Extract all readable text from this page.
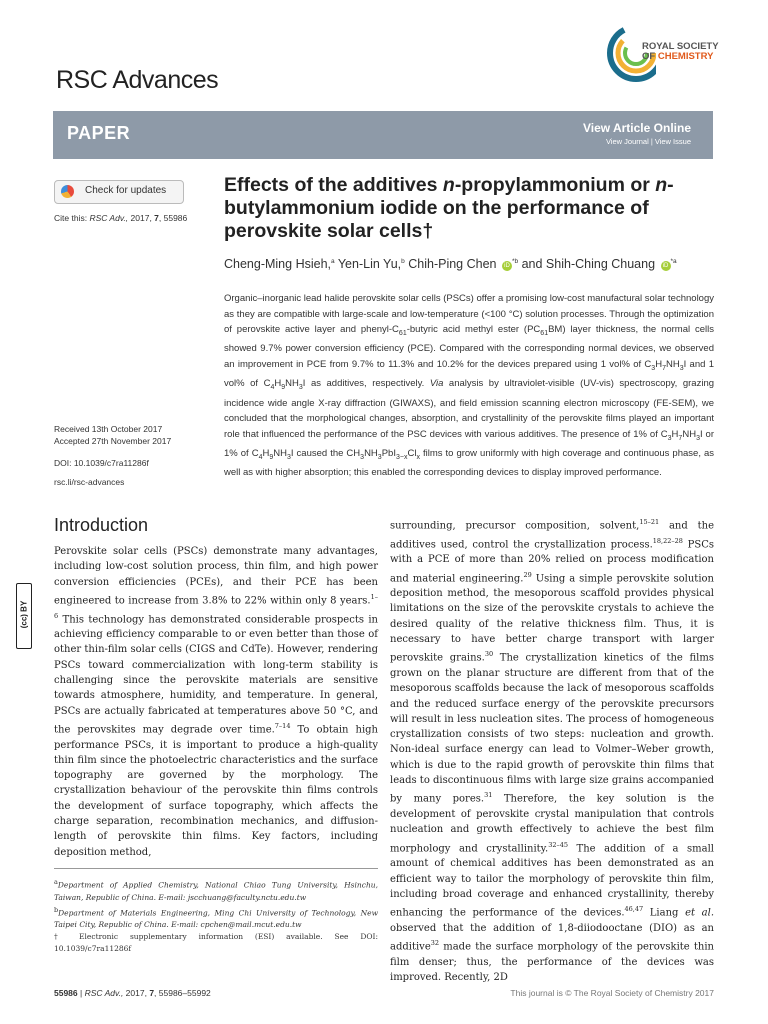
RSC Advances
ROYAL SOCIETY
OF CHEMISTRY
PAPER	View Article Online
View Journal | View Issue
Check for updates
Cite this: RSC Adv., 2017, 7, 55986
Received 13th October 2017
Accepted 27th November 2017
DOI: 10.1039/c7ra11286f
rsc.li/rsc-advances
Effects of the additives n-propylammonium or n-butylammonium iodide on the performance of perovskite solar cells†
Cheng-Ming Hsieh,$^a$ Yen-Lin Yu,$^b$ Chih-Ping Chen $iD^{*b}$ and Shih-Ching Chuang $iD^{*a}$
Organic–inorganic lead halide perovskite solar cells (PSCs) offer a promising low-cost manufactural solar technology as they are compatible with large-scale and low-temperature (<100 °C) solution processes. Through the optimization of perovskite active layer and phenyl-$C_{61}$-butyric acid methyl ester $(PC_{61}BM)$ layer thickness, the normal cells showed 9.7% power conversion efficiency (PCE). Compared with the corresponding normal devices, we observed an improvement in PCE from 9.7% to 11.3% and 10.2% for the devices prepared using 1 vol% of $C_3H_7NH_3I$ and 1 vol% of $C_4H_9NH_3I$ as additives, respectively. Via analysis by ultraviolet-visible (UV-vis) spectroscopy, grazing incidence wide angle X-ray diffraction (GIWAXS), and field emission scanning electron microscopy (FE-SEM), we concluded that the morphological changes, absorption, and crystallinity of the perovskite films played an important role that influenced the performance of the PSC devices with various additives. The presence of 1% of $C_3H_7NH_3I$ or 1% of $C_4H_9NH_3I$ caused the $CH_3NH_3PbI_{3-x}Cl_x$ films to grow uniformly with high coverage and continuous phase, as well as with higher absorption; this enabled the corresponding devices to display improved performance.
(cc) BY
Introduction
Perovskite solar cells (PSCs) demonstrate many advantages, including low-cost solution process, thin film, and high power conversion efficiencies (PCEs), and their PCE has been engineered to increase from 3.8% to 22% within only 8 years.$^{1-6}$ This technology has demonstrated considerable prospects in achieving efficiency comparable to or even better than those of other thin-film solar cells (CIGS and CdTe). However, rendering PSCs toward commercialization with long-term stability is challenging since the perovskite materials are sensitive towards atmosphere, humidity, and temperature. In general, PSCs are actually fabricated at temperatures above 50 °C, and the perovskites may degrade over time.$^{7-14}$ To obtain high performance PSCs, it is important to produce a high-quality thin film since the photoelectric characteristics and the surface topography are governed by the morphology. The crystallization behaviour of the perovskite thin films controls the development of surface topography, which affects the charge separation, recombination mechanics, and diffusion-length of perovskite thin films. Key factors, including deposition method,
surrounding, precursor composition, solvent,$^{15-21}$ and the additives used, control the crystallization process.$^{18,22-28}$ PSCs with a PCE of more than 20% relied on process modification and material engineering.$^{29}$ Using a simple perovskite solution deposition method, the mesoporous scaffold provides physical limitations on the size of the perovskite crystals to achieve the desired quality of the relative thickness film. Thus, it is necessary to have better charge transport with larger perovskite grains.$^{30}$ The crystallization kinetics of the films grown on the planar structure are different from that of the mesoporous scaffolds because the lack of mesoporous scaffolds and the reduced surface energy of the perovskite precursors will result in less nucleation sites. The process of homogeneous crystallization consists of two steps: nucleation and growth. Non-ideal surface energy can lead to Volmer–Weber growth, which is due to the rapid growth of perovskite thin films that leads to discontinuous films with large size grains accompanied by many pores.$^{31}$ Therefore, the key solution is the development of perovskite crystal manipulation that controls nucleation and growth effectively to achieve the best film morphology and crystallinity.$^{32-45}$ The addition of a small amount of chemical additives has been demonstrated as an efficient way to tailor the morphology of perovskite thin film, including broad coverage and enhanced crystallinity, thereby enhancing the performance of the devices.$^{46,47}$ Liang et al. observed that the addition of 1,8-diiodooctane (DIO) as an additive$^{32}$ made the surface morphology of the perovskite thin film denser; thus, the performance of the devices was improved. Recently, 2D
$^a$Department of Applied Chemistry, National Chiao Tung University, Hsinchu, Taiwan, Republic of China. E-mail: jscchuang@faculty.nctu.edu.tw
$^b$Department of Materials Engineering, Ming Chi University of Technology, New Taipei City, Republic of China. E-mail: cpchen@mail.mcut.edu.tw
† Electronic supplementary information (ESI) available. See DOI: 10.1039/c7ra11286f
55986 | RSC Adv., 2017, 7, 55986–55992	This journal is © The Royal Society of Chemistry 2017
